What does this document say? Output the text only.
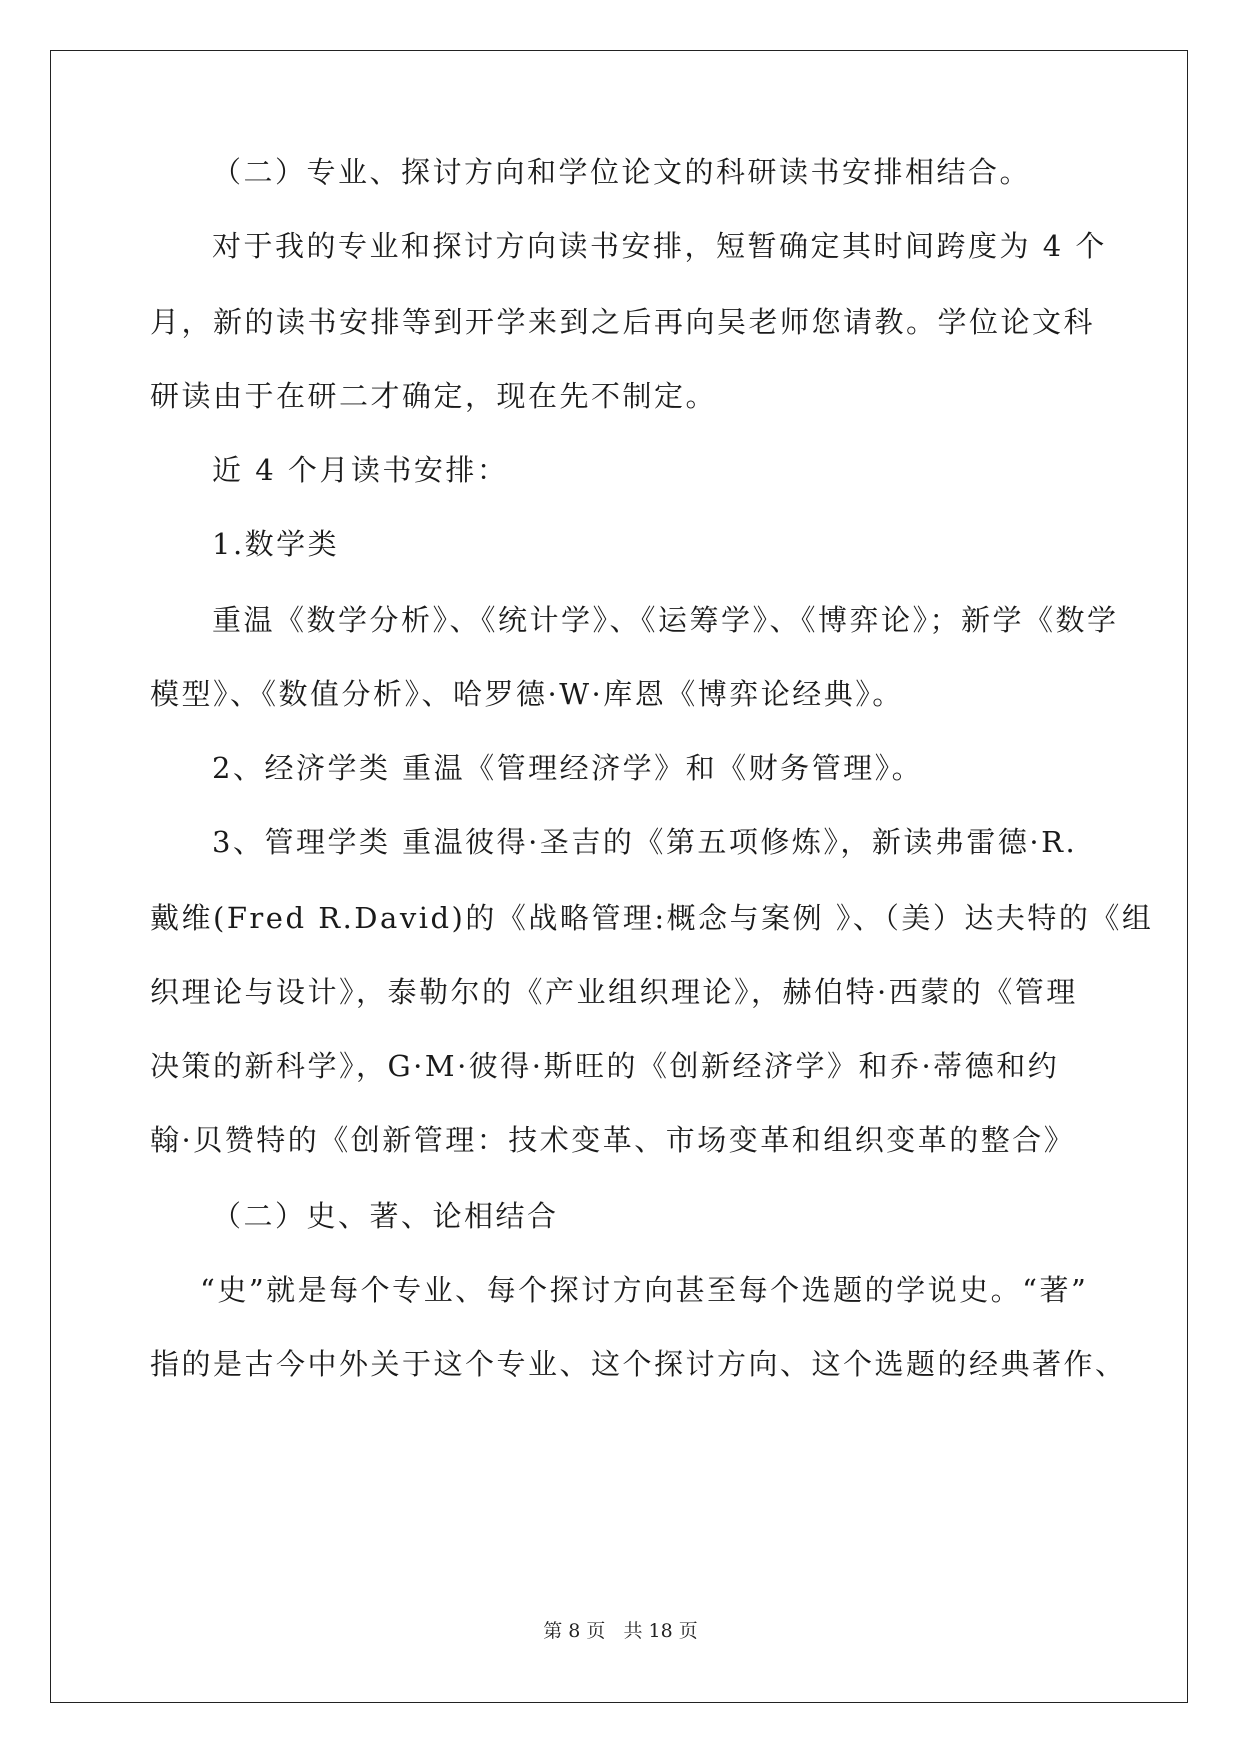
（二）专业、探讨方向和学位论文的科研读书安排相结合。
对于我的专业和探讨方向读书安排，短暂确定其时间跨度为 4 个
月，新的读书安排等到开学来到之后再向吴老师您请教。学位论文科
研读由于在研二才确定，现在先不制定。
近 4 个月读书安排：
1.数学类
重温《数学分析》、《统计学》、《运筹学》、《博弈论》；新学《数学
模型》、《数值分析》、哈罗德·W·库恩《博弈论经典》。
2、经济学类 重温《管理经济学》和《财务管理》。
3、管理学类 重温彼得·圣吉的《第五项修炼》，新读弗雷德·R.
戴维(Fred R.David)的《战略管理:概念与案例 》、（美）达夫特的《组
织理论与设计》，泰勒尔的《产业组织理论》，赫伯特·西蒙的《管理
决策的新科学》，G·M·彼得·斯旺的《创新经济学》和乔·蒂德和约
翰·贝赞特的《创新管理：技术变革、市场变革和组织变革的整合》
（二）史、著、论相结合
“史”就是每个专业、每个探讨方向甚至每个选题的学说史。“著”
指的是古今中外关于这个专业、这个探讨方向、这个选题的经典著作、
第 8 页 共 18 页
